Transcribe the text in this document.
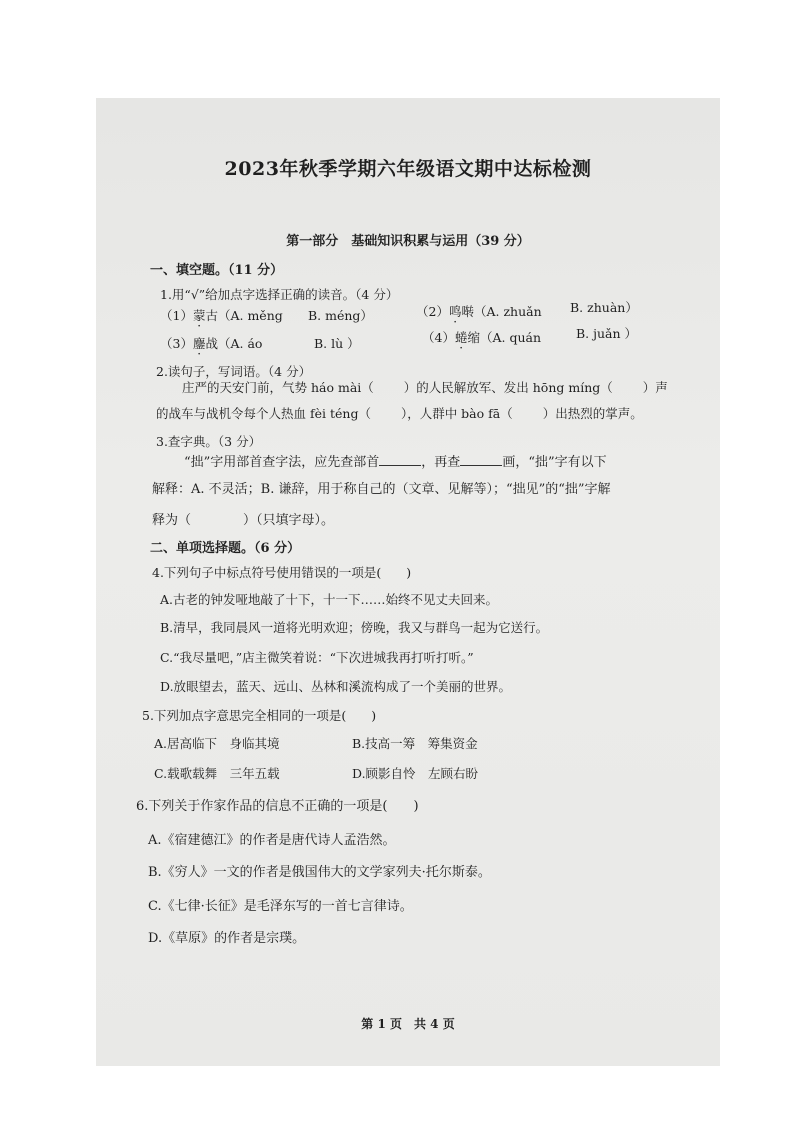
2023年秋季学期六年级语文期中达标检测
第一部分　基础知识积累与运用（39 分）
一、填空题。（11 分）
1.用“√”给加点字选择正确的读音。（4 分）
（1）蒙古（A. měng B. méng）	（2）鸣啭（A. zhuǎn B. zhuàn）
（3）鏖战（A. áo	B. lù ）	（4）蜷缩（A. quán	B. juǎn ）
2.读句子，写词语。（4 分）
庄严的天安门前，气势 háo mài（ ）的人民解放军、发出 hōng míng（ ）声
的战车与战机令每个人热血 fèi téng（ ），人群中 bào fā（ ）出热烈的掌声。
3.查字典。（3 分）
“拙”字用部首查字法，应先查部首	，再查	画，“拙”字有以下
解释：A. 不灵活；B. 谦辞，用于称自己的（文章、见解等）；“拙见”的“拙”字解
释为（　　　　）（只填字母）。
二、单项选择题。（6 分）
4.下列句子中标点符号使用错误的一项是(　　)
A.古老的钟发哑地敲了十下，十一下……始终不见丈夫回来。
B.清早，我同晨风一道将光明欢迎；傍晚，我又与群鸟一起为它送行。
C.“我尽量吧，”店主微笑着说：“下次进城我再打听打听。”
D.放眼望去，蓝天、远山、丛林和溪流构成了一个美丽的世界。
5.下列加点字意思完全相同的一项是(　　)
A.居高临下　身临其境	B.技高一筹　筹集资金
C.载歌载舞　三年五载	D.顾影自怜　左顾右盼
6.下列关于作家作品的信息不正确的一项是(　　)
A.《宿建德江》的作者是唐代诗人孟浩然。
B.《穷人》一文的作者是俄国伟大的文学家列夫·托尔斯泰。
C.《七律·长征》是毛泽东写的一首七言律诗。
D.《草原》的作者是宗璞。
第 1 页　共 4 页
